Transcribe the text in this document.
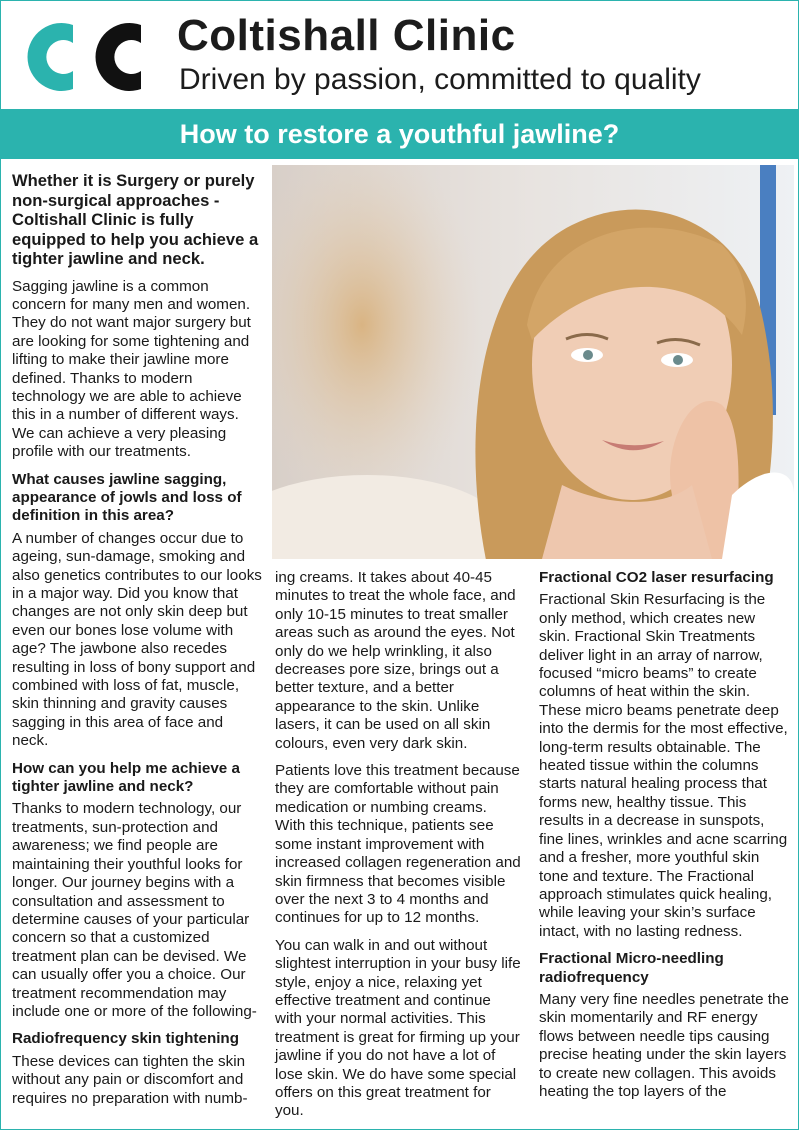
Coltishall Clinic
Driven by passion, committed to quality
How to restore a youthful jawline?

Whether it is Surgery or purely non-surgical approaches - Coltishall Clinic is fully equipped to help you achieve a tighter jawline and neck.

Sagging jawline is a common concern for many men and women. They do not want major surgery but are looking for some tightening and lifting to make their jawline more defined. Thanks to modern technology we are able to achieve this in a number of different ways. We can achieve a very pleasing profile with our treatments.

What causes jawline sagging, appearance of jowls and loss of definition in this area?

A number of changes occur due to ageing, sun-damage, smoking and also genetics contributes to our looks in a major way. Did you know that changes are not only skin deep but even our bones lose volume with age? The jawbone also recedes resulting in loss of bony support and combined with loss of fat, muscle, skin thinning and gravity causes sagging in this area of face and neck.

How can you help me achieve a tighter jawline and neck?

Thanks to modern technology, our treatments, sun-protection and awareness; we find people are maintaining their youthful looks for longer. Our journey begins with a consultation and assessment to determine causes of your particular concern so that a customized treatment plan can be devised. We can usually offer you a choice. Our treatment recommendation may include one or more of the following-

Radiofrequency skin tightening

These devices can tighten the skin without any pain or discomfort and requires no preparation with numb-

ing creams. It takes about 40-45 minutes to treat the whole face, and only 10-15 minutes to treat smaller areas such as around the eyes. Not only do we help wrinkling, it also decreases pore size, brings out a better texture, and a better appearance to the skin. Unlike lasers, it can be used on all skin colours, even very dark skin.

Patients love this treatment because they are comfortable without pain medication or numbing creams. With this technique, patients see some instant improvement with increased collagen regeneration and skin firmness that becomes visible over the next 3 to 4 months and continues for up to 12 months.

You can walk in and out without slightest interruption in your busy life style, enjoy a nice, relaxing yet effective treatment and continue with your normal activities. This treatment is great for firming up your jawline if you do not have a lot of lose skin. We do have some special offers on this great treatment for you.

Fractional CO2 laser resurfacing

Fractional Skin Resurfacing is the only method, which creates new skin. Fractional Skin Treatments deliver light in an array of narrow, focused “micro beams” to create columns of heat within the skin. These micro beams penetrate deep into the dermis for the most effective, long-term results obtainable. The heated tissue within the columns starts natural healing process that forms new, healthy tissue. This results in a decrease in sunspots, fine lines, wrinkles and acne scarring and a fresher, more youthful skin tone and texture. The Fractional approach stimulates quick healing, while leaving your skin’s surface intact, with no lasting redness.

Fractional Micro-needling radiofrequency

Many very fine needles penetrate the skin momentarily and RF energy flows between needle tips causing precise heating under the skin layers to create new collagen. This avoids heating the top layers of the
